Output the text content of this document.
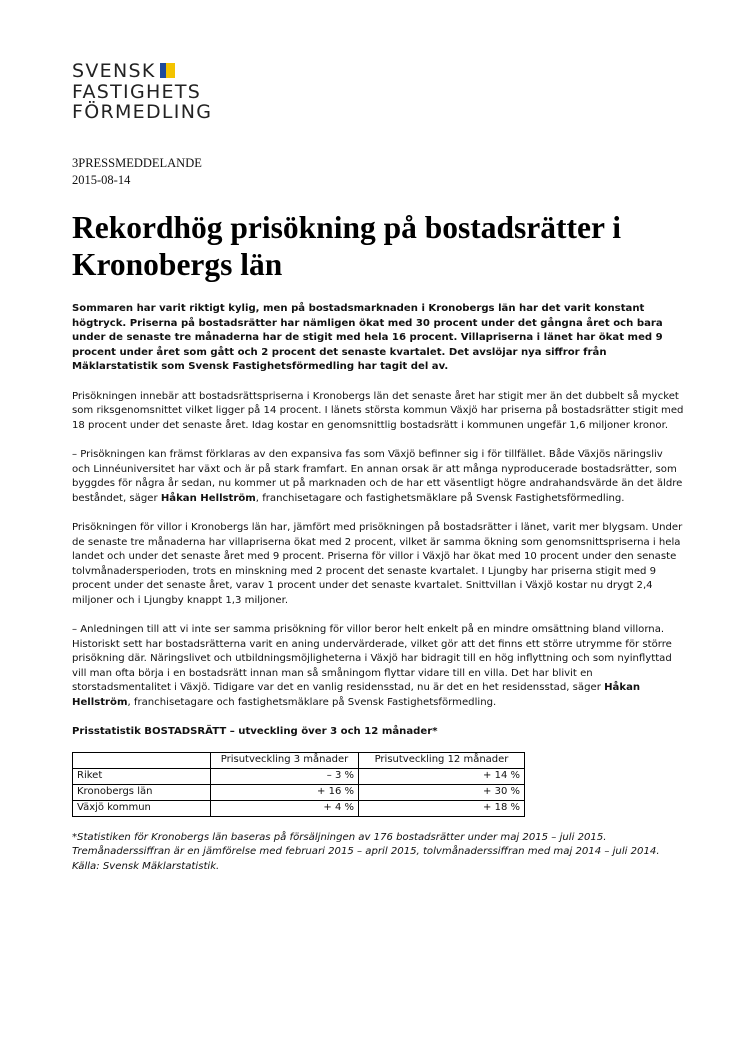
SVENSK
FASTIGHETS
FÖRMEDLING
3PRESSMEDDELANDE
2015-08-14
Rekordhög prisökning på bostadsrätter i Kronobergs län

Sommaren har varit riktigt kylig, men på bostadsmarknaden i Kronobergs län har det varit konstant högtryck. Priserna på bostadsrätter har nämligen ökat med 30 procent under det gångna året och bara under de senaste tre månaderna har de stigit med hela 16 procent. Villapriserna i länet har ökat med 9 procent under året som gått och 2 procent det senaste kvartalet. Det avslöjar nya siffror från Mäklarstatistik som Svensk Fastighetsförmedling har tagit del av.

Prisökningen innebär att bostadsrättspriserna i Kronobergs län det senaste året har stigit mer än det dubbelt så mycket som riksgenomsnittet vilket ligger på 14 procent. I länets största kommun Växjö har priserna på bostadsrätter stigit med 18 procent under det senaste året. Idag kostar en genomsnittlig bostadsrätt i kommunen ungefär 1,6 miljoner kronor.

– Prisökningen kan främst förklaras av den expansiva fas som Växjö befinner sig i för tillfället. Både Växjös näringsliv och Linnéuniversitet har växt och är på stark framfart. En annan orsak är att många nyproducerade bostadsrätter, som byggdes för några år sedan, nu kommer ut på marknaden och de har ett väsentligt högre andrahandsvärde än det äldre beståndet, säger Håkan Hellström, franchisetagare och fastighetsmäklare på Svensk Fastighetsförmedling.

Prisökningen för villor i Kronobergs län har, jämfört med prisökningen på bostadsrätter i länet, varit mer blygsam. Under de senaste tre månaderna har villapriserna ökat med 2 procent, vilket är samma ökning som genomsnittspriserna i hela landet och under det senaste året med 9 procent. Priserna för villor i Växjö har ökat med 10 procent under den senaste tolvmånadersperioden, trots en minskning med 2 procent det senaste kvartalet. I Ljungby har priserna stigit med 9 procent under det senaste året, varav 1 procent under det senaste kvartalet. Snittvillan i Växjö kostar nu drygt 2,4 miljoner och i Ljungby knappt 1,3 miljoner.

– Anledningen till att vi inte ser samma prisökning för villor beror helt enkelt på en mindre omsättning bland villorna. Historiskt sett har bostadsrätterna varit en aning undervärderade, vilket gör att det finns ett större utrymme för större prisökning där. Näringslivet och utbildningsmöjligheterna i Växjö har bidragit till en hög inflyttning och som nyinflyttad vill man ofta börja i en bostadsrätt innan man så småningom flyttar vidare till en villa. Det har blivit en storstadsmentalitet i Växjö. Tidigare var det en vanlig residensstad, nu är det en het residensstad, säger Håkan Hellström, franchisetagare och fastighetsmäklare på Svensk Fastighetsförmedling.

Prisstatistik BOSTADSRÄTT – utveckling över 3 och 12 månader*
	Prisutveckling 3 månader	Prisutveckling 12 månader
Riket	– 3 %	+ 14 %
Kronobergs län	+ 16 %	+ 30 %
Växjö kommun	+ 4 %	+ 18 %
*Statistiken för Kronobergs län baseras på försäljningen av 176 bostadsrätter under maj 2015 – juli 2015. Tremånaderssiffran är en jämförelse med februari 2015 – april 2015, tolvmånaderssiffran med maj 2014 – juli 2014. Källa: Svensk Mäklarstatistik.
